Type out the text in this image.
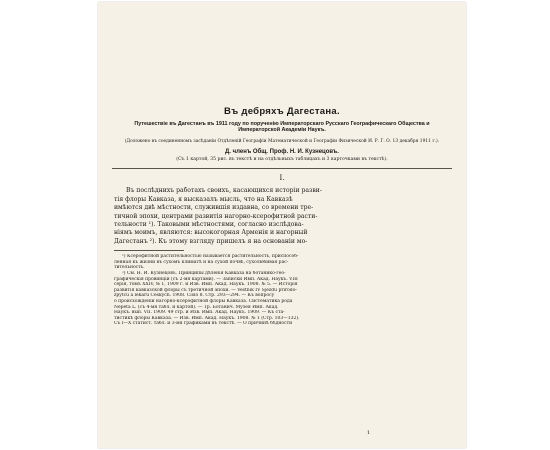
Въ дебряхъ Дагестана.
Путешествіе въ Дагестанъ въ 1911 году по порученію Императорскаго Русскаго Географическаго Общества и Императорской Академіи Наукъ.
(Доложено въ соединенномъ засѣданіи Отдѣленій Географіи Математической и Географіи Физической И. Р. Г. О. 13 декабря 1911 г.).
Д. членъ Общ. Проф. Н. И. Кузнецовъ.
(Съ 1 картой, 35 рис. въ текстѣ и на отдѣльныхъ таблицахъ и 3 карточками въ текстѣ).
I.
Въ послѣднихъ работахъ своихъ, касающихся исторіи разви-
тія флоры Кавказа, я высказалъ мысль, что на Кавказѣ
имѣются двѣ мѣстности, служившія издавна, со времени тре-
тичной эпохи, центрами развитія нагорно-ксерофитной расти-
тельности ¹). Таковыми мѣстностями, согласно изслѣдова-
ніямъ моимъ, являются: высокогорная Арменія и нагорный
Дагестанъ ²). Къ этому взгляду пришелъ я на основаніи мо-
¹) Ксерофитной растительностью называется растительность, приспособ-
ленная къ жизни въ сухомъ климатѣ и на сухой почвѣ, сухолюбивая рас-
тительность.
²) См. Н. И. Кузнецовъ. Принципы дѣленія Кавказа на ботанико-гео-
графическія провинціи (съ 2-мя картами). — Записки Имп. Акад. Наукъ. VIII
серія, томъ XXIV, № 1, 1909 г. и Изв. Имп. Акад. Наукъ. 1908. № 5. — Исторія
развитія кавказской флоры съ третичной эпохи. — Věstník IV Sjezdu přírodo-
zpytců a lékařů Českých. 1908. Číslo 8. Стр. 293—294. — Къ вопросу
о происхожденіи нагорно-ксерофитной флоры Кавказа. Систематика рода
Nepeta L. (съ 4-мя табл. и картой). — Тр. Ботанич. Музея Имп. Акад.
Наукъ. вып. VII. 1909. 49 стр. и Изв. Имп. Акад. Наукъ. 1909. — Къ ста-
тистикѣ флоры Кавказа. — Изв. Имп. Акад. Наукъ. 1908. № 1 (Стр. 103—132).
Съ I—X статист. табл. и 3-мя графиками въ текстѣ. — О причинѣ бѣдности
1
